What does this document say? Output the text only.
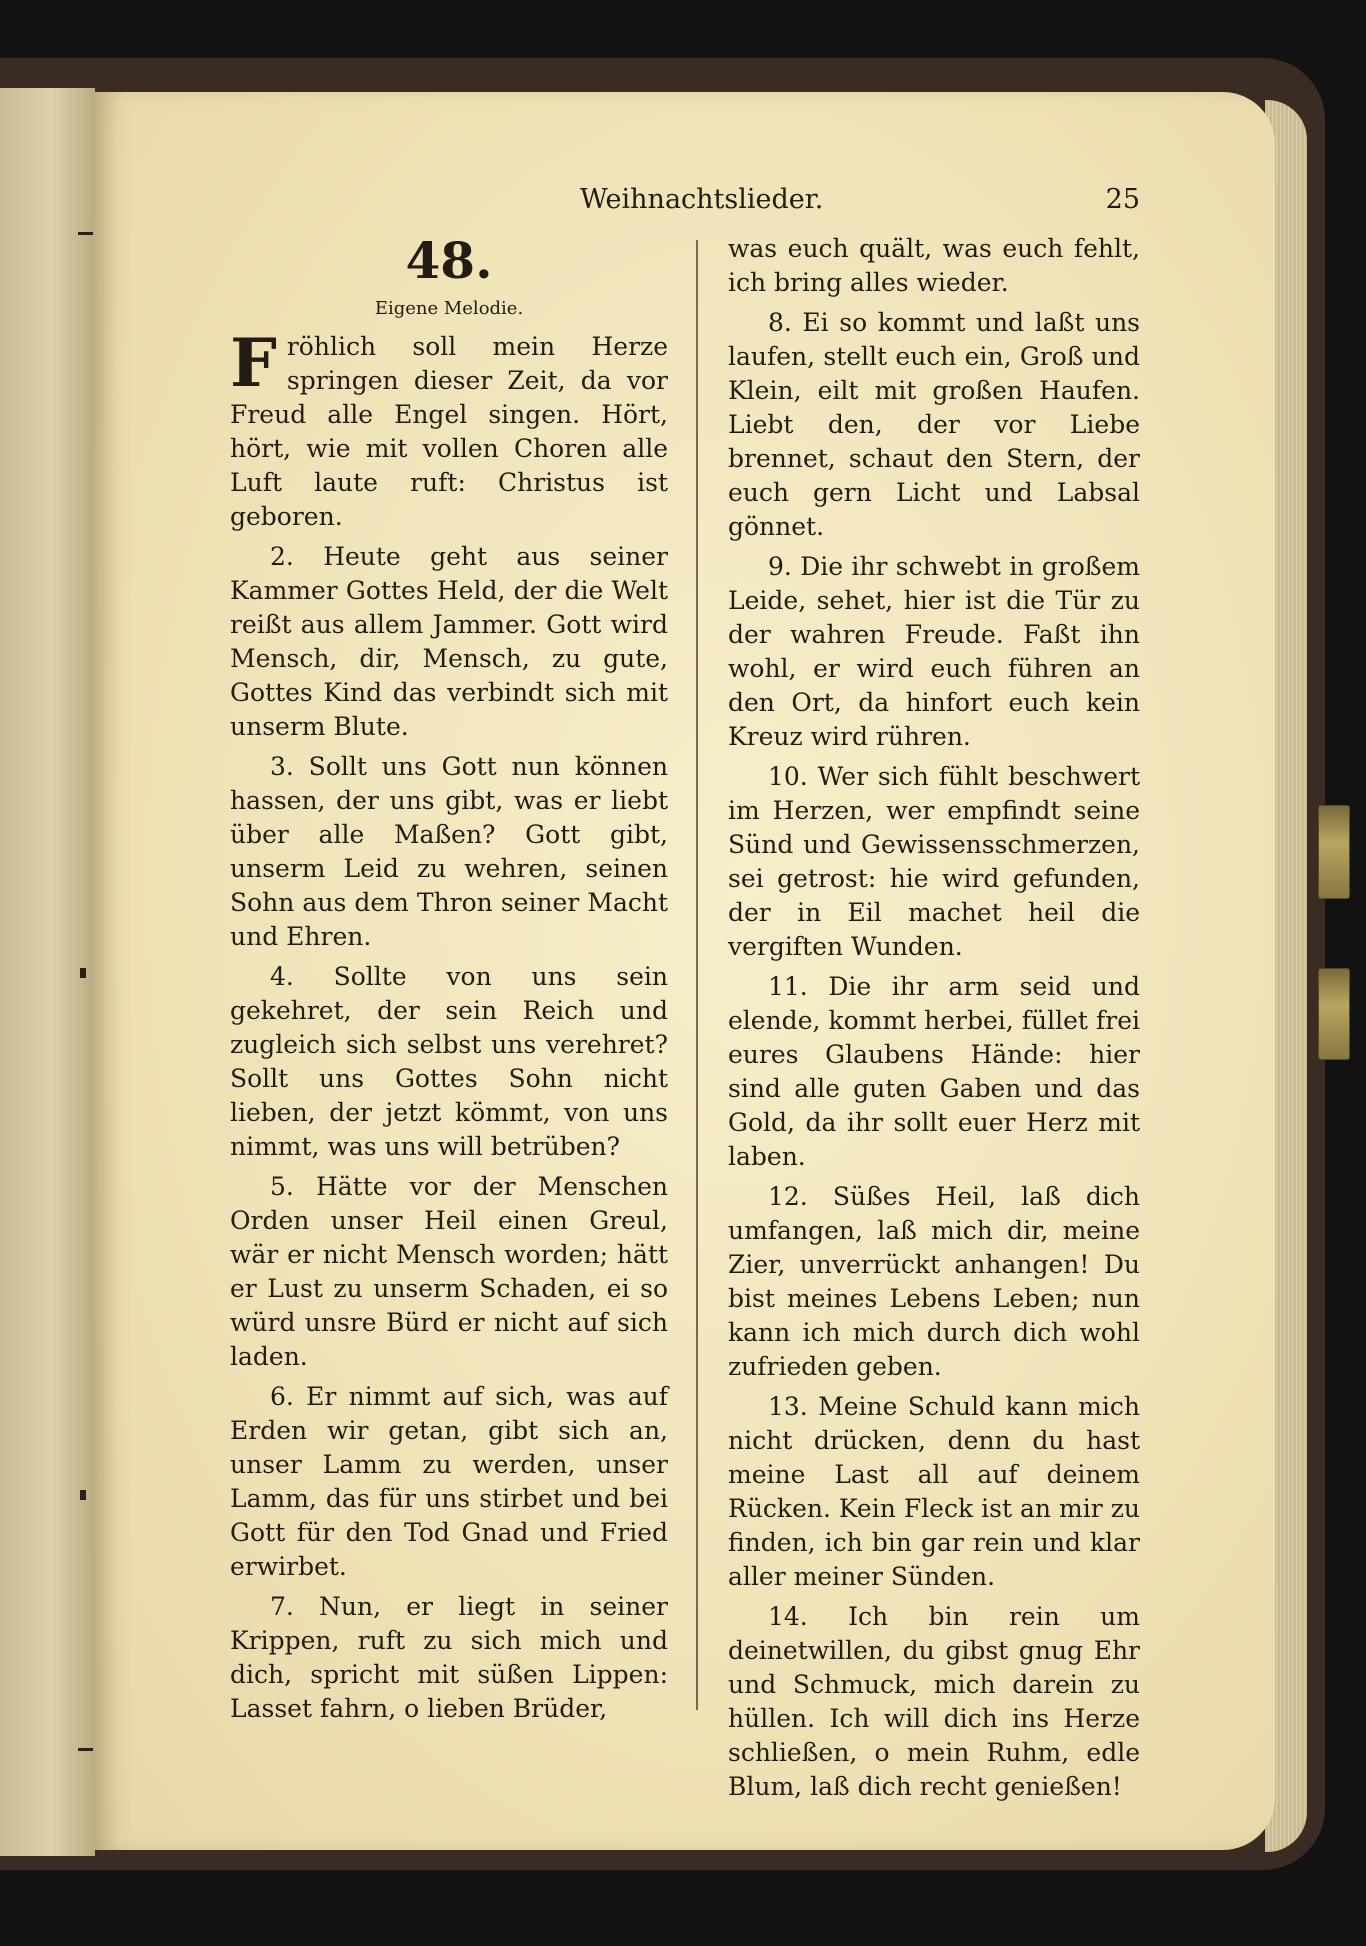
Weihnachtslieder.	25
48.
Eigene Melodie.
Fröhlich soll mein Herze springen dieser Zeit, da vor Freud alle Engel singen. Hört, hört, wie mit vollen Choren alle Luft laute ruft: Christus ist geboren.
2. Heute geht aus seiner Kammer Gottes Held, der die Welt reißt aus allem Jammer. Gott wird Mensch, dir, Mensch, zu gute, Gottes Kind das verbindt sich mit unserm Blute.
3. Sollt uns Gott nun können hassen, der uns gibt, was er liebt über alle Maßen? Gott gibt, unserm Leid zu wehren, seinen Sohn aus dem Thron seiner Macht und Ehren.
4. Sollte von uns sein gekehret, der sein Reich und zugleich sich selbst uns verehret? Sollt uns Gottes Sohn nicht lieben, der jetzt kömmt, von uns nimmt, was uns will betrüben?
5. Hätte vor der Menschen Orden unser Heil einen Greul, wär er nicht Mensch worden; hätt er Lust zu unserm Schaden, ei so würd unsre Bürd er nicht auf sich laden.
6. Er nimmt auf sich, was auf Erden wir getan, gibt sich an, unser Lamm zu werden, unser Lamm, das für uns stirbet und bei Gott für den Tod Gnad und Fried erwirbet.
7. Nun, er liegt in seiner Krippen, ruft zu sich mich und dich, spricht mit süßen Lippen: Lasset fahrn, o lieben Brüder,
was euch quält, was euch fehlt, ich bring alles wieder.
8. Ei so kommt und laßt uns laufen, stellt euch ein, Groß und Klein, eilt mit großen Haufen. Liebt den, der vor Liebe brennet, schaut den Stern, der euch gern Licht und Labsal gönnet.
9. Die ihr schwebt in großem Leide, sehet, hier ist die Tür zu der wahren Freude. Faßt ihn wohl, er wird euch führen an den Ort, da hinfort euch kein Kreuz wird rühren.
10. Wer sich fühlt beschwert im Herzen, wer empfindt seine Sünd und Gewissensschmerzen, sei getrost: hie wird gefunden, der in Eil machet heil die vergiften Wunden.
11. Die ihr arm seid und elende, kommt herbei, füllet frei eures Glaubens Hände: hier sind alle guten Gaben und das Gold, da ihr sollt euer Herz mit laben.
12. Süßes Heil, laß dich umfangen, laß mich dir, meine Zier, unverrückt anhangen! Du bist meines Lebens Leben; nun kann ich mich durch dich wohl zufrieden geben.
13. Meine Schuld kann mich nicht drücken, denn du hast meine Last all auf deinem Rücken. Kein Fleck ist an mir zu finden, ich bin gar rein und klar aller meiner Sünden.
14. Ich bin rein um deinetwillen, du gibst gnug Ehr und Schmuck, mich darein zu hüllen. Ich will dich ins Herze schließen, o mein Ruhm, edle Blum, laß dich recht genießen!
